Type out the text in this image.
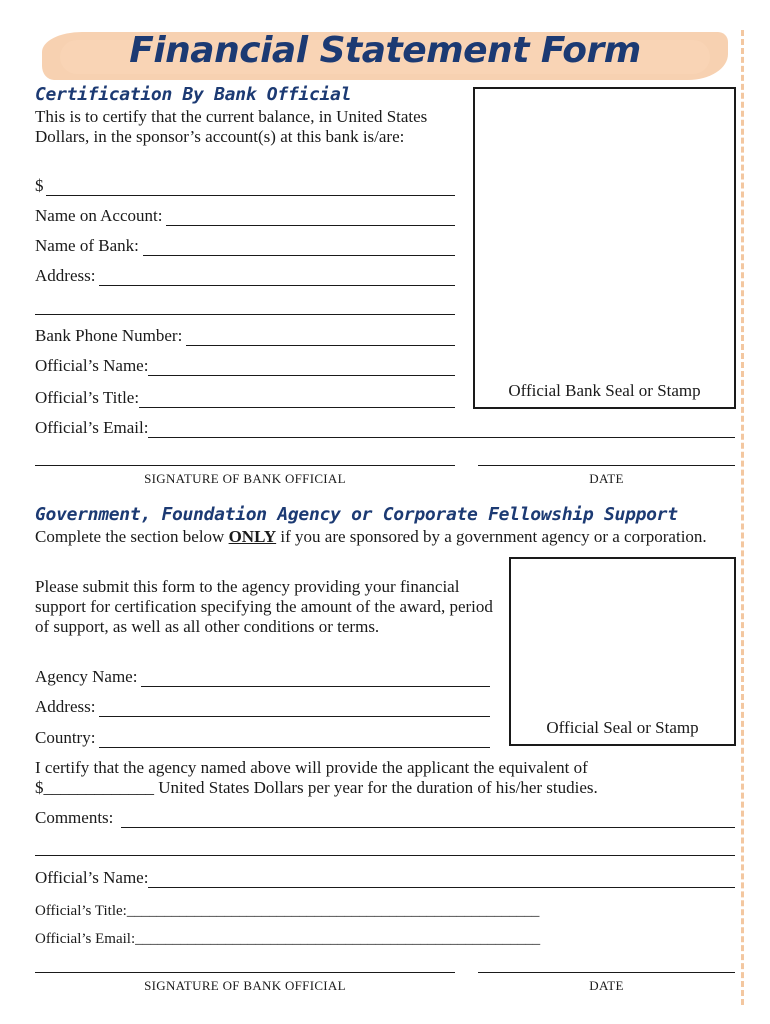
Financial Statement Form
Certification By Bank Official
This is to certify that the current balance, in United States Dollars, in the sponsor’s account(s) at this bank is/are:
$
Name on Account:
Name of Bank:
Address:
Bank Phone Number:
Official’s Name:
Official’s Title:
Official’s Email:
Official Bank Seal or Stamp
SIGNATURE OF BANK OFFICIAL	DATE
Government, Foundation Agency or Corporate Fellowship Support
Complete the section below ONLY if you are sponsored by a government agency or a corporation.
Please submit this form to the agency providing your financial support for certification specifying the amount of the award, period of support, as well as all other conditions or terms.
Agency Name:
Address:
Country:
Official Seal or Stamp
I certify that the agency named above will provide the applicant the equivalent of
$_____________ United States Dollars per year for the duration of his/her studies.
Comments:
Official’s Name:
Official’s Title:_______________________________________________________
Official’s Email:______________________________________________________
SIGNATURE OF BANK OFFICIAL	DATE
